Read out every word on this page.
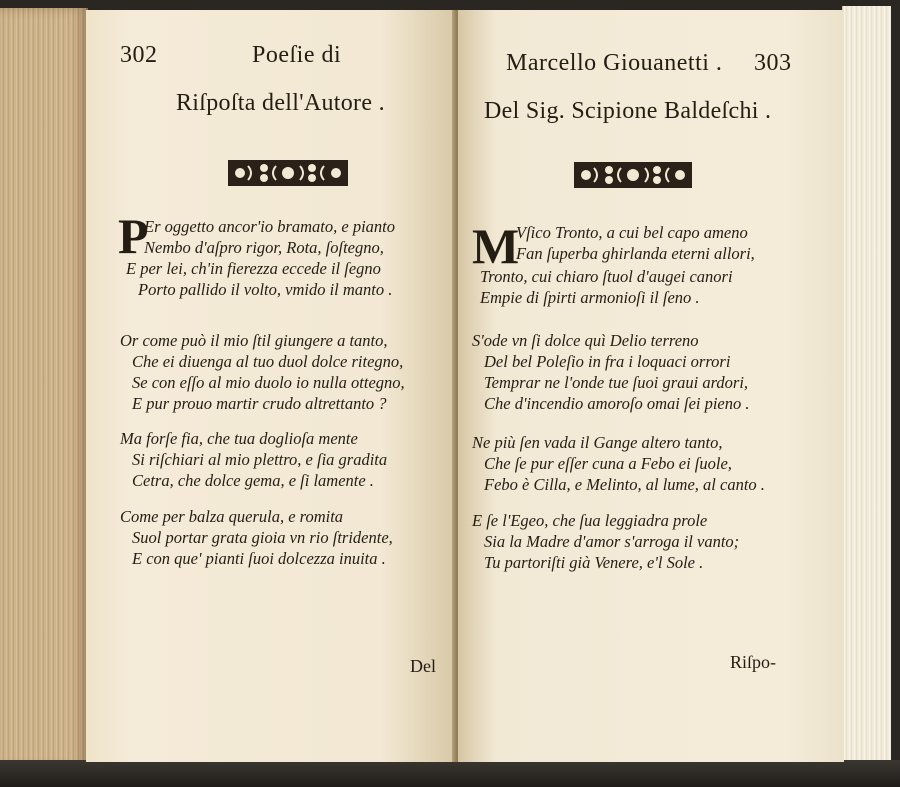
302	Poeſie di
Riſpoſta dell'Autore .
P
Er oggetto ancor'io bramato, e pianto
Nembo d'aſpro rigor, Rota, ſoſtegno,
E per lei, ch'in fierezza eccede il ſegno
Porto pallido il volto, vmido il manto .
Or come può il mio ſtil giungere a tanto,
Che ei diuenga al tuo duol dolce ritegno,
Se con eſſo al mio duolo io nulla ottegno,
E pur prouo martir crudo altrettanto ?
Ma forſe fia, che tua doglioſa mente
Si riſchiari al mio plettro, e ſia gradita
Cetra, che dolce gema, e ſi lamente .
Come per balza querula, e romita
Suol portar grata gioia vn rio ſtridente,
E con que' pianti ſuoi dolcezza inuita .
Del
Marcello Giouanetti . 303
Del Sig. Scipione Baldeſchi .
M
Vſico Tronto, a cui bel capo ameno
Fan ſuperba ghirlanda eterni allori,
Tronto, cui chiaro ſtuol d'augei canori
Empie di ſpirti armonioſi il ſeno .
S'ode vn ſi dolce quì Delio terreno
Del bel Poleſio in fra i loquaci orrori
Temprar ne l'onde tue ſuoi graui ardori,
Che d'incendio amoroſo omai ſei pieno .
Ne più ſen vada il Gange altero tanto,
Che ſe pur eſſer cuna a Febo ei ſuole,
Febo è Cilla, e Melinto, al lume, al canto .
E ſe l'Egeo, che ſua leggiadra prole
Sia la Madre d'amor s'arroga il vanto;
Tu partoriſti già Venere, e'l Sole .
Riſpo-
